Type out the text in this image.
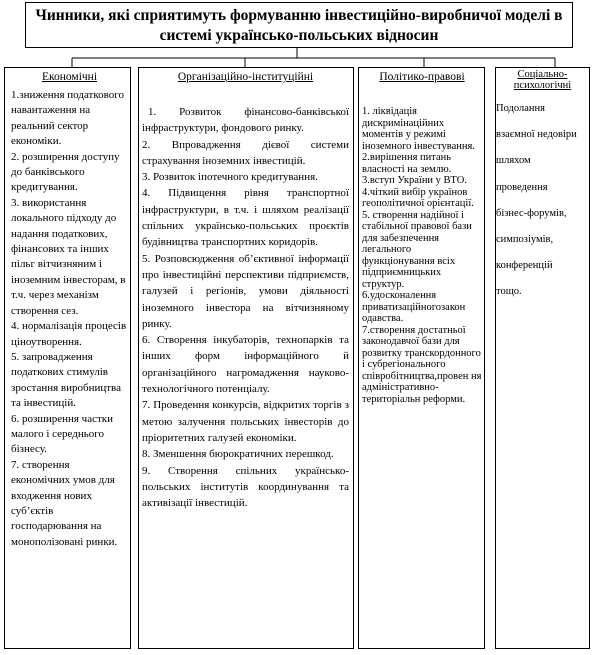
Чинники, які сприятимуть формуванню інвестиційно-виробничої моделі в
системі українсько-польських відносин
Економічні

1.зниження податкового навантаження на реальний сектор економіки.

2. розширення доступу до банківського кредитування.

3. використання локального підходу до надання податкових, фінансових та інших пільг вітчизняним і іноземним інвесторам, в т.ч. через механізм створення сез.

4. нормалізація процесів ціноутворення.

5. запровадження податкових стимулів зростання виробництва та інвестицій.

6. розширення частки малого і середнього бізнесу.

7. створення економічних умов для входження нових суб’єктів господарювання на монополізовані ринки.

Організаційно-інституційні

1. Розвиток фінансово-банківської інфраструктури, фондового ринку.

2. Впровадження дієвої системи страхування іноземних інвестицій.

3. Розвиток іпотечного кредитування.

4. Підвищення рівня транспортної інфраструктури, в т.ч. і шляхом реалізації спільних українсько-польських проєктів будівництва транспортних коридорів.

5. Розповсюдження об’єктивної інформації про інвестиційні перспективи підприємств, галузей і регіонів, умови діяльності іноземного інвестора на вітчизняному ринку.

6. Створення інкубаторів, технопарків та інших форм інформаційного й організаційного нагромадження науково-технологічного потенціалу.

7. Проведення конкурсів, відкритих торгів з метою залучення польських інвесторів до пріоритетних галузей економіки.

8. Зменшення бюрократичних перешкод.

9. Створення спільних українсько-польських інститутів координування та активізації інвестицій.

Політико-правові

1. ліквідація дискримінаційних моментів у режимі іноземного інвестування.

2.вирішення питань власності на землю.

3.вступ України у ВТО.

4.чіткий вибір українов геополітичної орієнтації.

5. створення надійної і стабільної правової бази для забезпечення легального функціонування всіх підприємницьких структур.

6.удосконалення приватизаційногозакон одавства.

7.створення достатньої законодавчої бази для розвитку транскордонного і субрегіонального співробітництва,провен ня адміністративно-територіальн реформи.

Соціально-психологічні

Подолання

взаємної недовіри

шляхом

проведення

бізнес-форумів,

симпозіумів,

конференцій

тощо.
